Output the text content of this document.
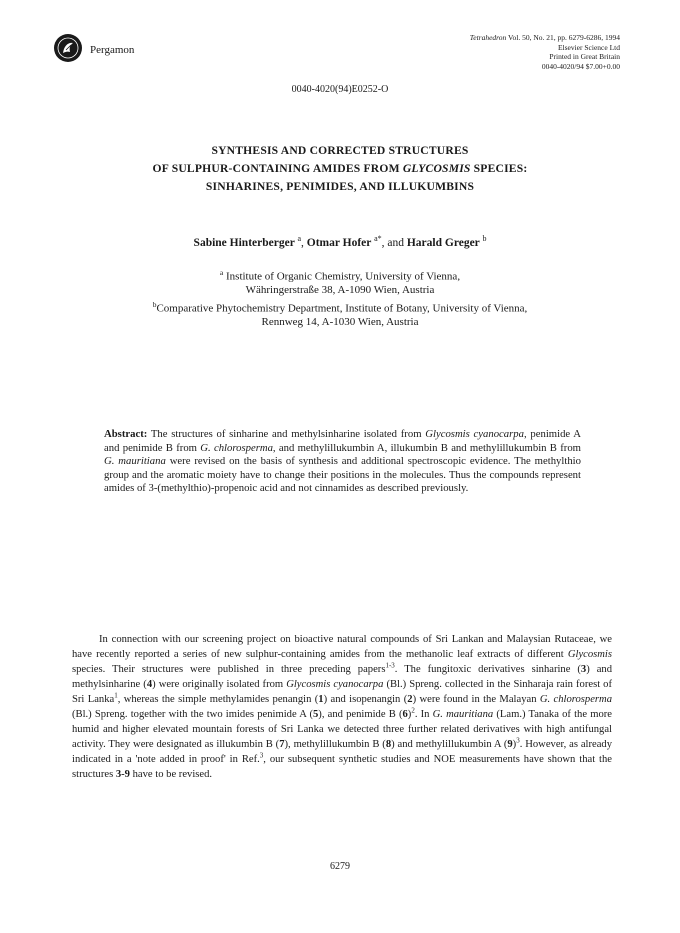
Pergamon
Tetrahedron Vol. 50, No. 21, pp. 6279-6286, 1994
Elsevier Science Ltd
Printed in Great Britain
0040-4020/94 $7.00+0.00
0040-4020(94)E0252-O
SYNTHESIS AND CORRECTED STRUCTURES
OF SULPHUR-CONTAINING AMIDES FROM GLYCOSMIS SPECIES:
SINHARINES, PENIMIDES, AND ILLUKUMBINS
Sabine Hinterberger $^a$, Otmar Hofer $^{a*}$, and Harald Greger $^b$
$^a$ Institute of Organic Chemistry, University of Vienna,
Währingerstraße 38, A-1090 Wien, Austria
$^b$Comparative Phytochemistry Department, Institute of Botany, University of Vienna,
Rennweg 14, A-1030 Wien, Austria
Abstract: The structures of sinharine and methylsinharine isolated from Glycosmis cyanocarpa, penimide A and penimide B from G. chlorosperma, and methylillukumbin A, illukumbin B and methylillukumbin B from G. mauritiana were revised on the basis of synthesis and additional spectroscopic evidence. The methylthio group and the aromatic moiety have to change their positions in the molecules. Thus the compounds represent amides of 3-(methylthio)-propenoic acid and not cinnamides as described previously.

In connection with our screening project on bioactive natural compounds of Sri Lankan and Malaysian Rutaceae, we have recently reported a series of new sulphur-containing amides from the methanolic leaf extracts of different Glycosmis species. Their structures were published in three preceding papers$^{1-3}$. The fungitoxic derivatives sinharine (3) and methylsinharine (4) were originally isolated from Glycosmis cyanocarpa (Bl.) Spreng. collected in the Sinharaja rain forest of Sri Lanka$^1$, whereas the simple methylamides penangin (1) and isopenangin (2) were found in the Malayan G. chlorosperma (Bl.) Spreng. together with the two imides penimide A (5), and penimide B $(6)^2$. In G. mauritiana (Lam.) Tanaka of the more humid and higher elevated mountain forests of Sri Lanka we detected three further related derivatives with high antifungal activity. They were designated as illukumbin B (7), methylillukumbin B (8) and methylillukumbin A $(9)^3$. However, as already indicated in a 'note added in proof' in Ref.$^3$, our subsequent synthetic studies and NOE measurements have shown that the structures 3-9 have to be revised.

6279
